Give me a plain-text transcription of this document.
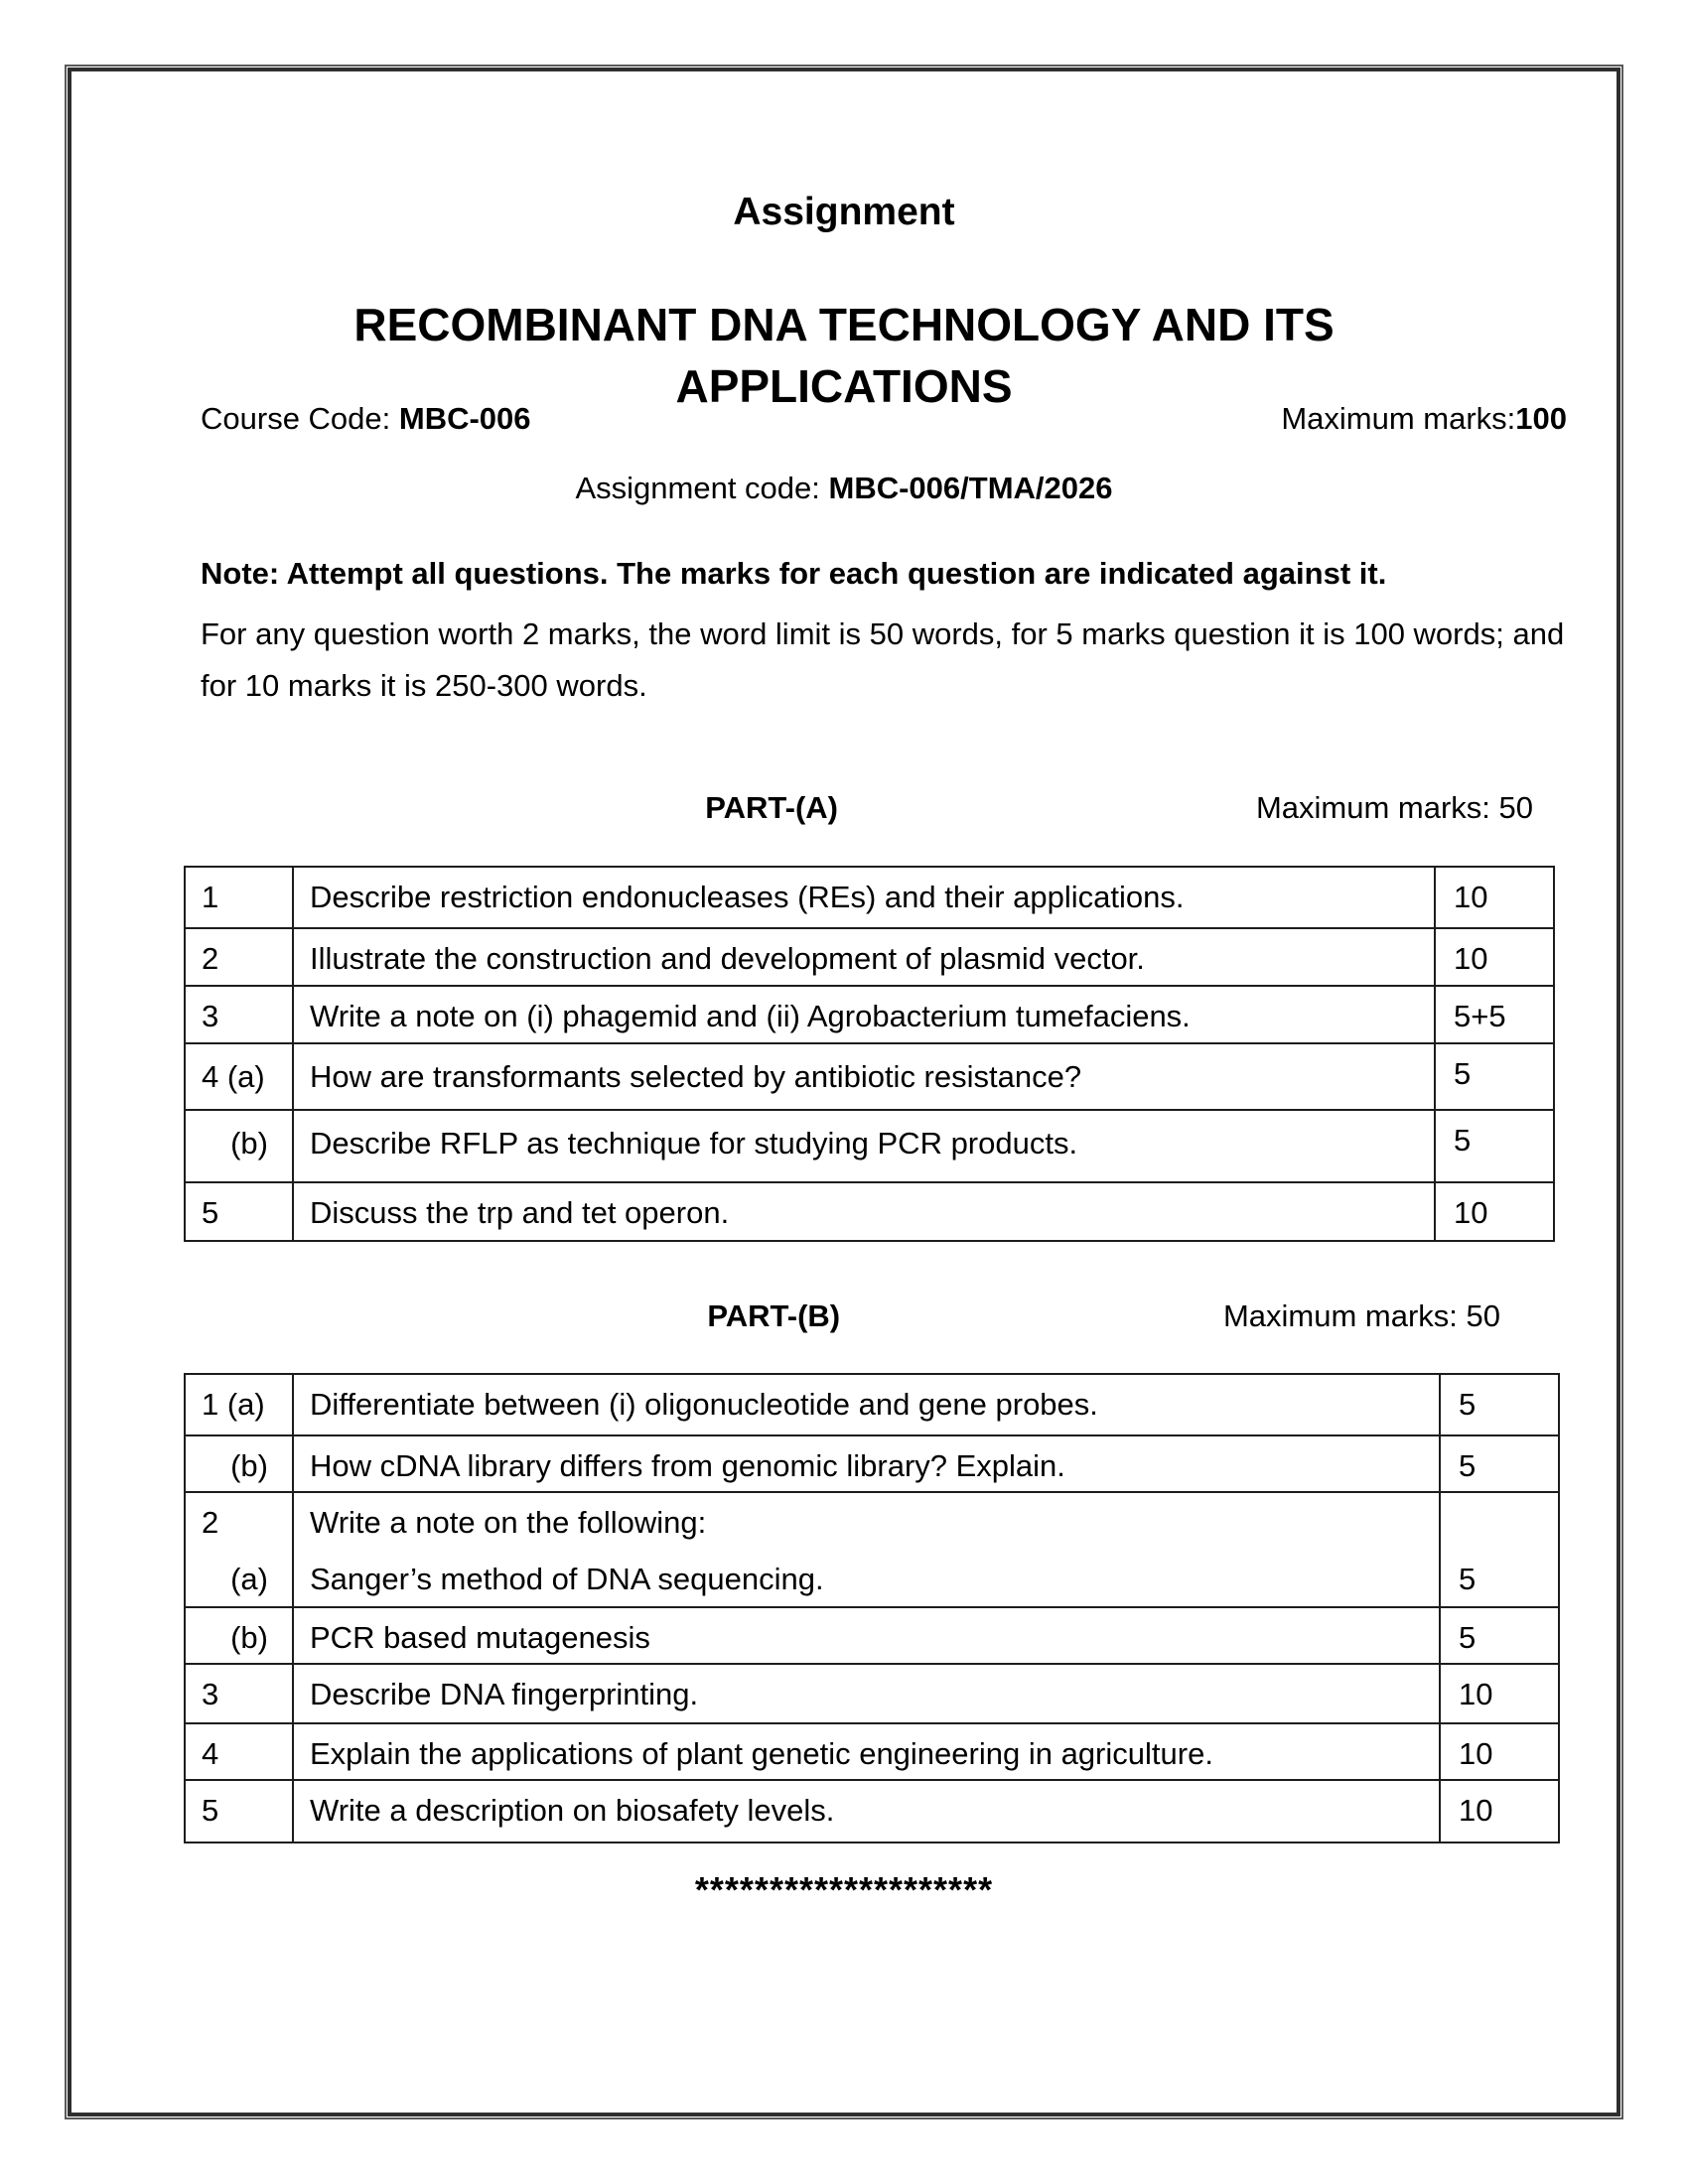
Assignment
RECOMBINANT DNA TECHNOLOGY AND ITS APPLICATIONS
Course Code: MBC-006	Maximum marks:100
Assignment code: MBC-006/TMA/2026
Note: Attempt all questions. The marks for each question are indicated against it.
For any question worth 2 marks, the word limit is 50 words, for 5 marks question it is 100 words; and for 10 marks it is 250-300 words.
PART-(A)	Maximum marks: 50
1	Describe restriction endonucleases (REs) and their applications.	10
2	Illustrate the construction and development of plasmid vector.	10
3	Write a note on (i) phagemid and (ii) Agrobacterium tumefaciens.	5+5
4 (a)	How are transformants selected by antibiotic resistance?	5
(b)	Describe RFLP as technique for studying PCR products.	5
5	Discuss the trp and tet operon.	10
PART-(B)	Maximum marks: 50
1 (a)	Differentiate between (i) oligonucleotide and gene probes.	5
(b)	How cDNA library differs from genomic library? Explain.	5
2	Write a note on the following:
(a)	Sanger’s method of DNA sequencing.	5
(b)	PCR based mutagenesis	5
3	Describe DNA fingerprinting.	10
4	Explain the applications of plant genetic engineering in agriculture.	10
5	Write a description on biosafety levels.	10
********************
